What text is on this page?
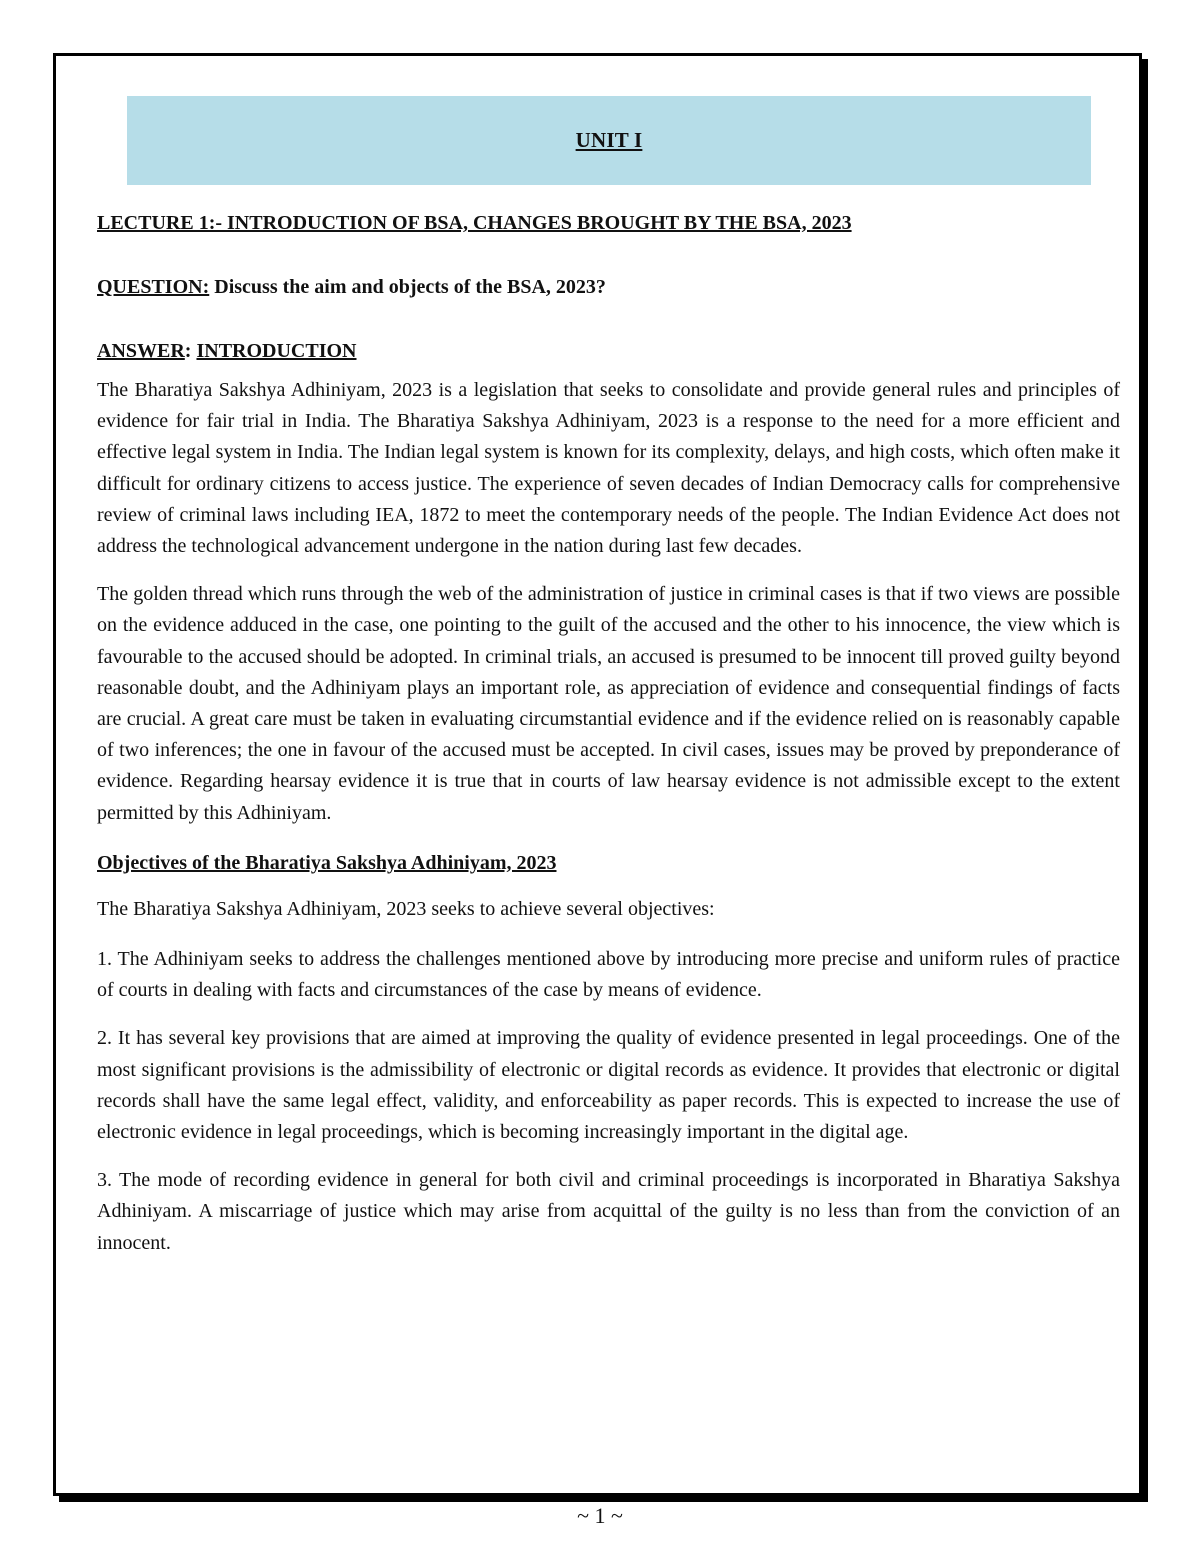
UNIT I

LECTURE 1:- INTRODUCTION OF BSA, CHANGES BROUGHT BY THE BSA, 2023

QUESTION: Discuss the aim and objects of the BSA, 2023?

ANSWER: INTRODUCTION

The Bharatiya Sakshya Adhiniyam, 2023 is a legislation that seeks to consolidate and provide general rules and principles of evidence for fair trial in India. The Bharatiya Sakshya Adhiniyam, 2023 is a response to the need for a more efficient and effective legal system in India. The Indian legal system is known for its complexity, delays, and high costs, which often make it difficult for ordinary citizens to access justice. The experience of seven decades of Indian Democracy calls for comprehensive review of criminal laws including IEA, 1872 to meet the contemporary needs of the people. The Indian Evidence Act does not address the technological advancement undergone in the nation during last few decades.

The golden thread which runs through the web of the administration of justice in criminal cases is that if two views are possible on the evidence adduced in the case, one pointing to the guilt of the accused and the other to his innocence, the view which is favourable to the accused should be adopted. In criminal trials, an accused is presumed to be innocent till proved guilty beyond reasonable doubt, and the Adhiniyam plays an important role, as appreciation of evidence and consequential findings of facts are crucial. A great care must be taken in evaluating circumstantial evidence and if the evidence relied on is reasonably capable of two inferences; the one in favour of the accused must be accepted. In civil cases, issues may be proved by preponderance of evidence. Regarding hearsay evidence it is true that in courts of law hearsay evidence is not admissible except to the extent permitted by this Adhiniyam.

Objectives of the Bharatiya Sakshya Adhiniyam, 2023

The Bharatiya Sakshya Adhiniyam, 2023 seeks to achieve several objectives:

1. The Adhiniyam seeks to address the challenges mentioned above by introducing more precise and uniform rules of practice of courts in dealing with facts and circumstances of the case by means of evidence.

2. It has several key provisions that are aimed at improving the quality of evidence presented in legal proceedings. One of the most significant provisions is the admissibility of electronic or digital records as evidence. It provides that electronic or digital records shall have the same legal effect, validity, and enforceability as paper records. This is expected to increase the use of electronic evidence in legal proceedings, which is becoming increasingly important in the digital age.

3. The mode of recording evidence in general for both civil and criminal proceedings is incorporated in Bharatiya Sakshya Adhiniyam. A miscarriage of justice which may arise from acquittal of the guilty is no less than from the conviction of an innocent.

~ 1 ~
